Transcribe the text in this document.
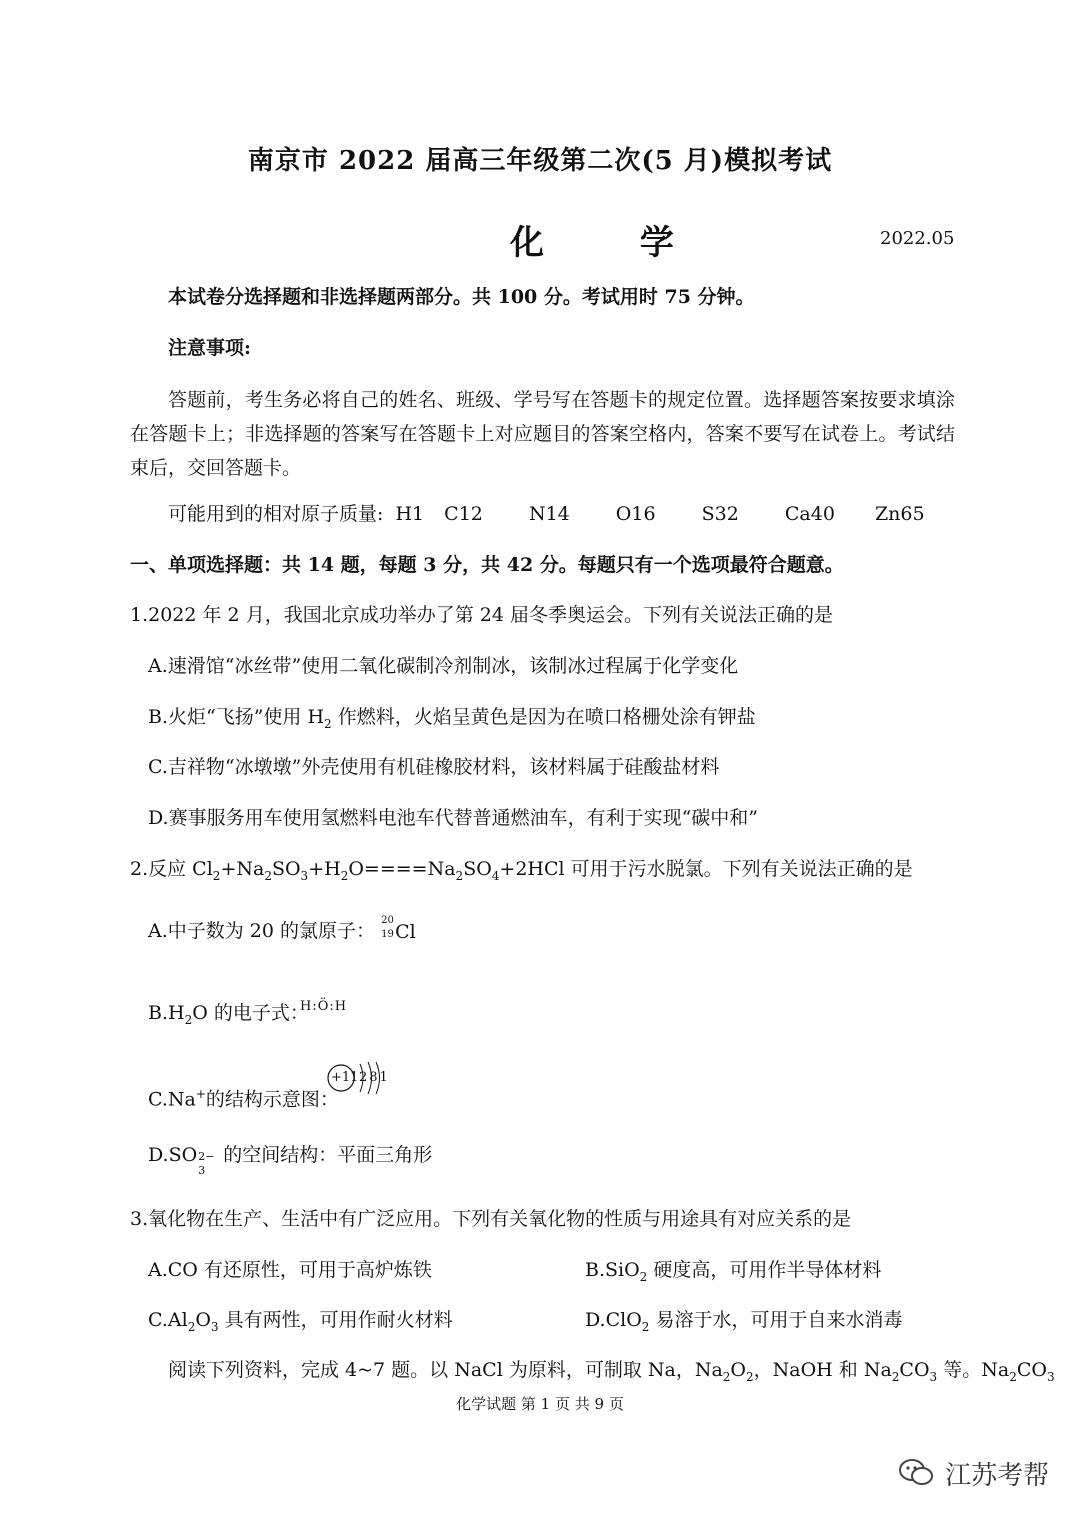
南京市 2022 届高三年级第二次(5 月)模拟考试
化 学	2022.05
本试卷分选择题和非选择题两部分。共 100 分。考试用时 75 分钟。
注意事项:
答题前，考生务必将自己的姓名、班级、学号写在答题卡的规定位置。选择题答案按要求填涂在答题卡上；非选择题的答案写在答题卡上对应题目的答案空格内，答案不要写在试卷上。考试结束后，交回答题卡。
可能用到的相对原子质量: H1 C12 N14 O16 S32 Ca40 Zn65
一、单项选择题：共 14 题，每题 3 分，共 42 分。每题只有一个选项最符合题意。
1.2022 年 2 月，我国北京成功举办了第 24 届冬季奥运会。下列有关说法正确的是
A.速滑馆“冰丝带”使用二氧化碳制冷剂制冰，该制冰过程属于化学变化
B.火炬“飞扬”使用 $H_2$ 作燃料，火焰呈黄色是因为在喷口格栅处涂有钾盐
C.吉祥物“冰墩墩”外壳使用有机硅橡胶材料，该材料属于硅酸盐材料
D.赛事服务用车使用氢燃料电池车代替普通燃油车，有利于实现“碳中和”
2.反应 $Cl_2+Na_2SO_3+H_2O====Na_2SO_4+2HCl$ 可用于污水脱氯。下列有关说法正确的是
A.中子数为 20 的氯原子： 20
19 Cl
$B.H_2O$ 的电子式：
H:Ö:H
C.Na+的结构示意图：
+11 281
D.SO 2−
3
的空间结构：平面三角形
3.氧化物在生产、生活中有广泛应用。下列有关氧化物的性质与用途具有对应关系的是
A.CO 有还原性，可用于高炉炼铁	B.SiO$_2$ 硬度高，可用作半导体材料
$C.Al_2O_3$ 具有两性，可用作耐火材料	D.ClO$_2$ 易溶于水，可用于自来水消毒
阅读下列资料，完成 4~7 题。以 NaCl 为原料，可制取 Na，$Na_2O_2$，NaOH 和 $Na_2CO_3$ 等。$Na_2CO_3$
化学试题 第 1 页 共 9 页
江苏考帮
